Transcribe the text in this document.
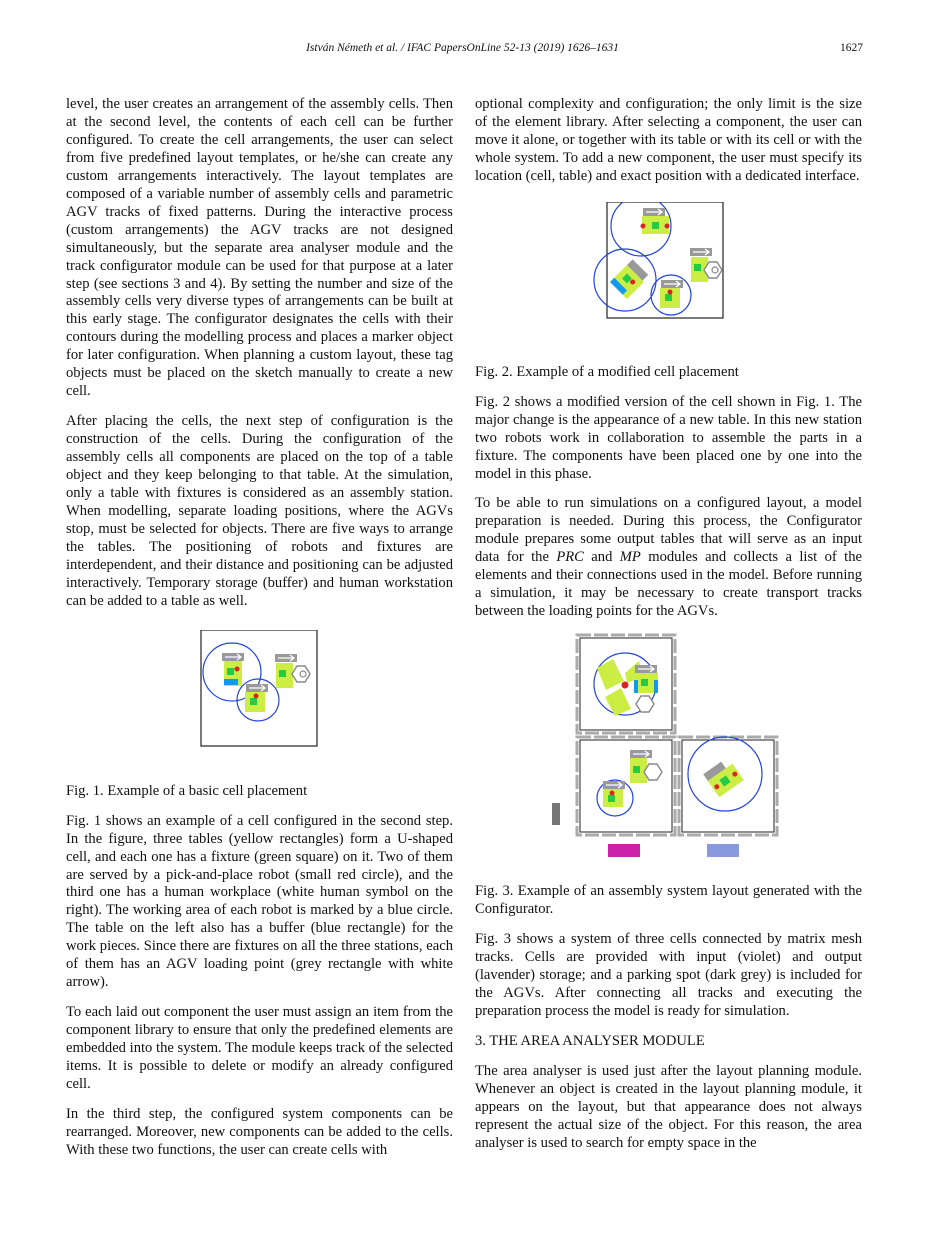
István Németh et al. / IFAC PapersOnLine 52-13 (2019) 1626–1631	1627

level, the user creates an arrangement of the assembly cells. Then at the second level, the contents of each cell can be further configured. To create the cell arrangements, the user can select from five predefined layout templates, or he/she can create any custom arrangements interactively. The layout templates are composed of a variable number of assembly cells and parametric AGV tracks of fixed patterns. During the interactive process (custom arrangements) the AGV tracks are not designed simultaneously, but the separate area analyser module and the track configurator module can be used for that purpose at a later step (see sections 3 and 4). By setting the number and size of the assembly cells very diverse types of arrangements can be built at this early stage. The configurator designates the cells with their contours during the modelling process and places a marker object for later configuration. When planning a custom layout, these tag objects must be placed on the sketch manually to create a new cell.

After placing the cells, the next step of configuration is the construction of the cells. During the configuration of the assembly cells all components are placed on the top of a table object and they keep belonging to that table. At the simulation, only a table with fixtures is considered as an assembly station. When modelling, separate loading positions, where the AGVs stop, must be selected for objects. There are five ways to arrange the tables. The positioning of robots and fixtures are interdependent, and their distance and positioning can be adjusted interactively. Temporary storage (buffer) and human workstation can be added to a table as well.

Fig. 1. Example of a basic cell placement

Fig. 1 shows an example of a cell configured in the second step. In the figure, three tables (yellow rectangles) form a U-shaped cell, and each one has a fixture (green square) on it. Two of them are served by a pick-and-place robot (small red circle), and the third one has a human workplace (white human symbol on the right). The working area of each robot is marked by a blue circle. The table on the left also has a buffer (blue rectangle) for the work pieces. Since there are fixtures on all the three stations, each of them has an AGV loading point (grey rectangle with white arrow).

To each laid out component the user must assign an item from the component library to ensure that only the predefined elements are embedded into the system. The module keeps track of the selected items. It is possible to delete or modify an already configured cell.

In the third step, the configured system components can be rearranged. Moreover, new components can be added to the cells. With these two functions, the user can create cells with

optional complexity and configuration; the only limit is the size of the element library. After selecting a component, the user can move it alone, or together with its table or with its cell or with the whole system. To add a new component, the user must specify its location (cell, table) and exact position with a dedicated interface.

Fig. 2. Example of a modified cell placement

Fig. 2 shows a modified version of the cell shown in Fig. 1. The major change is the appearance of a new table. In this new station two robots work in collaboration to assemble the parts in a fixture. The components have been placed one by one into the model in this phase.

To be able to run simulations on a configured layout, a model preparation is needed. During this process, the Configurator module prepares some output tables that will serve as an input data for the PRC and MP modules and collects a list of the elements and their connections used in the model. Before running a simulation, it may be necessary to create transport tracks between the loading points for the AGVs.

Fig. 3. Example of an assembly system layout generated with the Configurator.

Fig. 3 shows a system of three cells connected by matrix mesh tracks. Cells are provided with input (violet) and output (lavender) storage; and a parking spot (dark grey) is included for the AGVs. After connecting all tracks and executing the preparation process the model is ready for simulation.

3. THE AREA ANALYSER MODULE

The area analyser is used just after the layout planning module. Whenever an object is created in the layout planning module, it appears on the layout, but that appearance does not always represent the actual size of the object. For this reason, the area analyser is used to search for empty space in the
